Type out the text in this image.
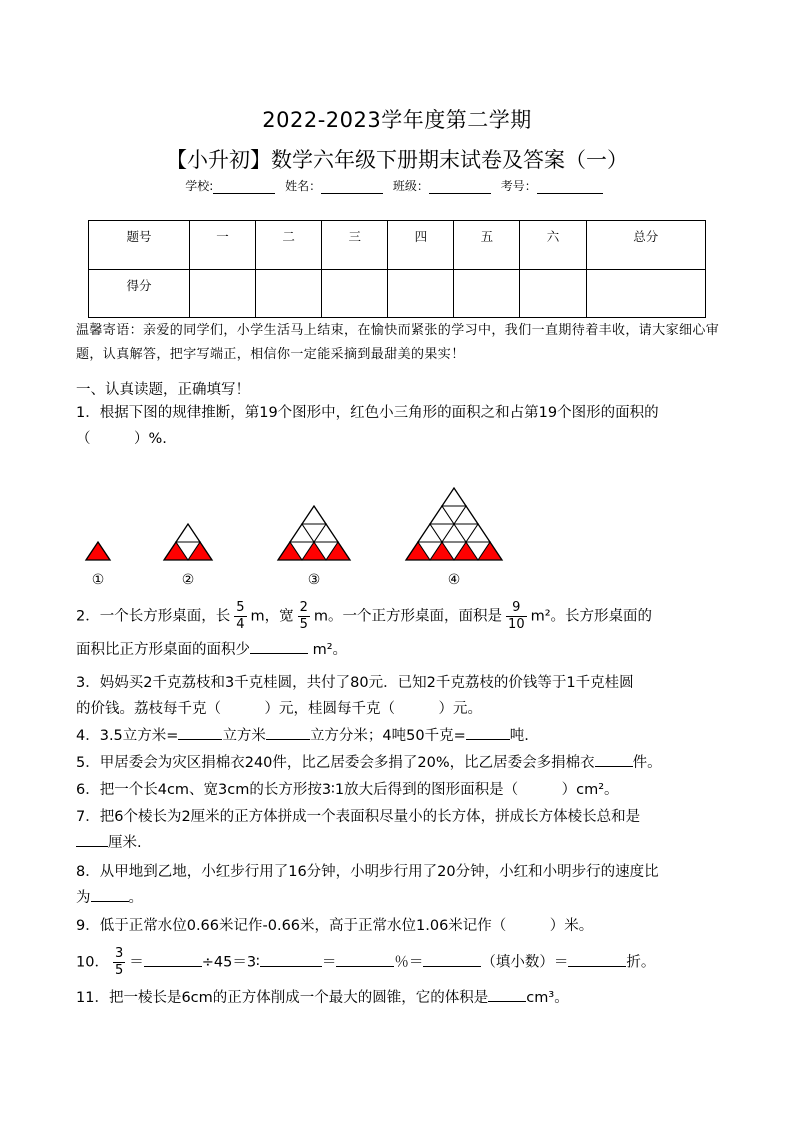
2022-2023学年度第二学期
【小升初】数学六年级下册期末试卷及答案（一）
学校:	姓名：	班级：	考号：
题号	一	二	三	四	五	六	总分
得分							
温馨寄语：亲爱的同学们，小学生活马上结束，在愉快而紧张的学习中，我们一直期待着丰收，请大家细心审题，认真解答，把字写端正，相信你一定能采摘到最甜美的果实！
一、认真读题，正确填写！
1．根据下图的规律推断，第19个图形中，红色小三角形的面积之和占第19个图形的面积的
（　　　）%.
①	②	③	④
2．一个长方形桌面，长 $\frac{5}{4}$ m，宽 $\frac{2}{5}$ m。一个正方形桌面，面积是 $\frac{9}{10} m^2$。长方形桌面的
面积比正方形桌面的面积少	m²。
3．妈妈买2千克荔枝和3千克桂圆，共付了80元．已知2千克荔枝的价钱等于1千克桂圆
的价钱。荔枝每千克（　　　）元，桂圆每千克（　　　）元。
4．3.5立方米=	立方米	立方分米；4吨50千克=	吨.
5．甲居委会为灾区捐棉衣240件，比乙居委会多捐了20%，比乙居委会多捐棉衣	件。
6．把一个长4cm、宽3cm的长方形按3∶1放大后得到的图形面积是（　　　）cm²。
7．把6个棱长为2厘米的正方体拼成一个表面积尽量小的长方体，拼成长方体棱长总和是
厘米.
8．从甲地到乙地，小红步行用了16分钟，小明步行用了20分钟，小红和小明步行的速度比
为	。
9．低于正常水位0.66米记作-0.66米，高于正常水位1.06米记作（　　　）米。
10． $\frac{3}{5}$ ＝	÷45＝3∶	＝	％＝	（填小数）＝	折。
11．把一棱长是6cm的正方体削成一个最大的圆锥，它的体积是	cm³。
